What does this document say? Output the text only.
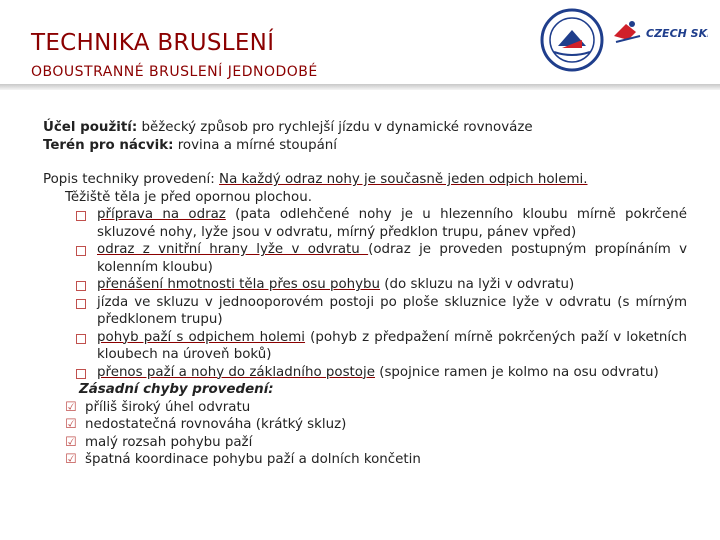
TECHNIKA BRUSLENÍ
OBOUSTRANNÉ BRUSLENÍ JEDNODOBÉ
CZECH SKI

Účel použití: běžecký způsob pro rychlejší jízdu v dynamické rovnováze

Terén pro nácvik: rovina a mírné stoupání

Popis techniky provedení: Na každý odraz nohy je současně jeden odpich holemi.

Těžiště těla je před opornou plochou.

příprava na odraz (pata odlehčené nohy je u hlezenního kloubu mírně pokrčené skluzové nohy, lyže jsou v odvratu, mírný předklon trupu, pánev vpřed)
odraz z vnitřní hrany lyže v odvratu (odraz je proveden postupným propínáním v kolenním kloubu)
přenášení hmotnosti těla přes osu pohybu (do skluzu na lyži v odvratu)
jízda ve skluzu v jednooporovém postoji po ploše skluznice lyže v odvratu (s mírným předklonem trupu)
pohyb paží s odpichem holemi (pohyb z předpažení mírně pokrčených paží v loketních kloubech na úroveň boků)
přenos paží a nohy do základního postoje (spojnice ramen je kolmo na osu odvratu)

Zásadní chyby provedení:

☑ příliš široký úhel odvratu
☑ nedostatečná rovnováha (krátký skluz)
☑ malý rozsah pohybu paží
☑ špatná koordinace pohybu paží a dolních končetin
